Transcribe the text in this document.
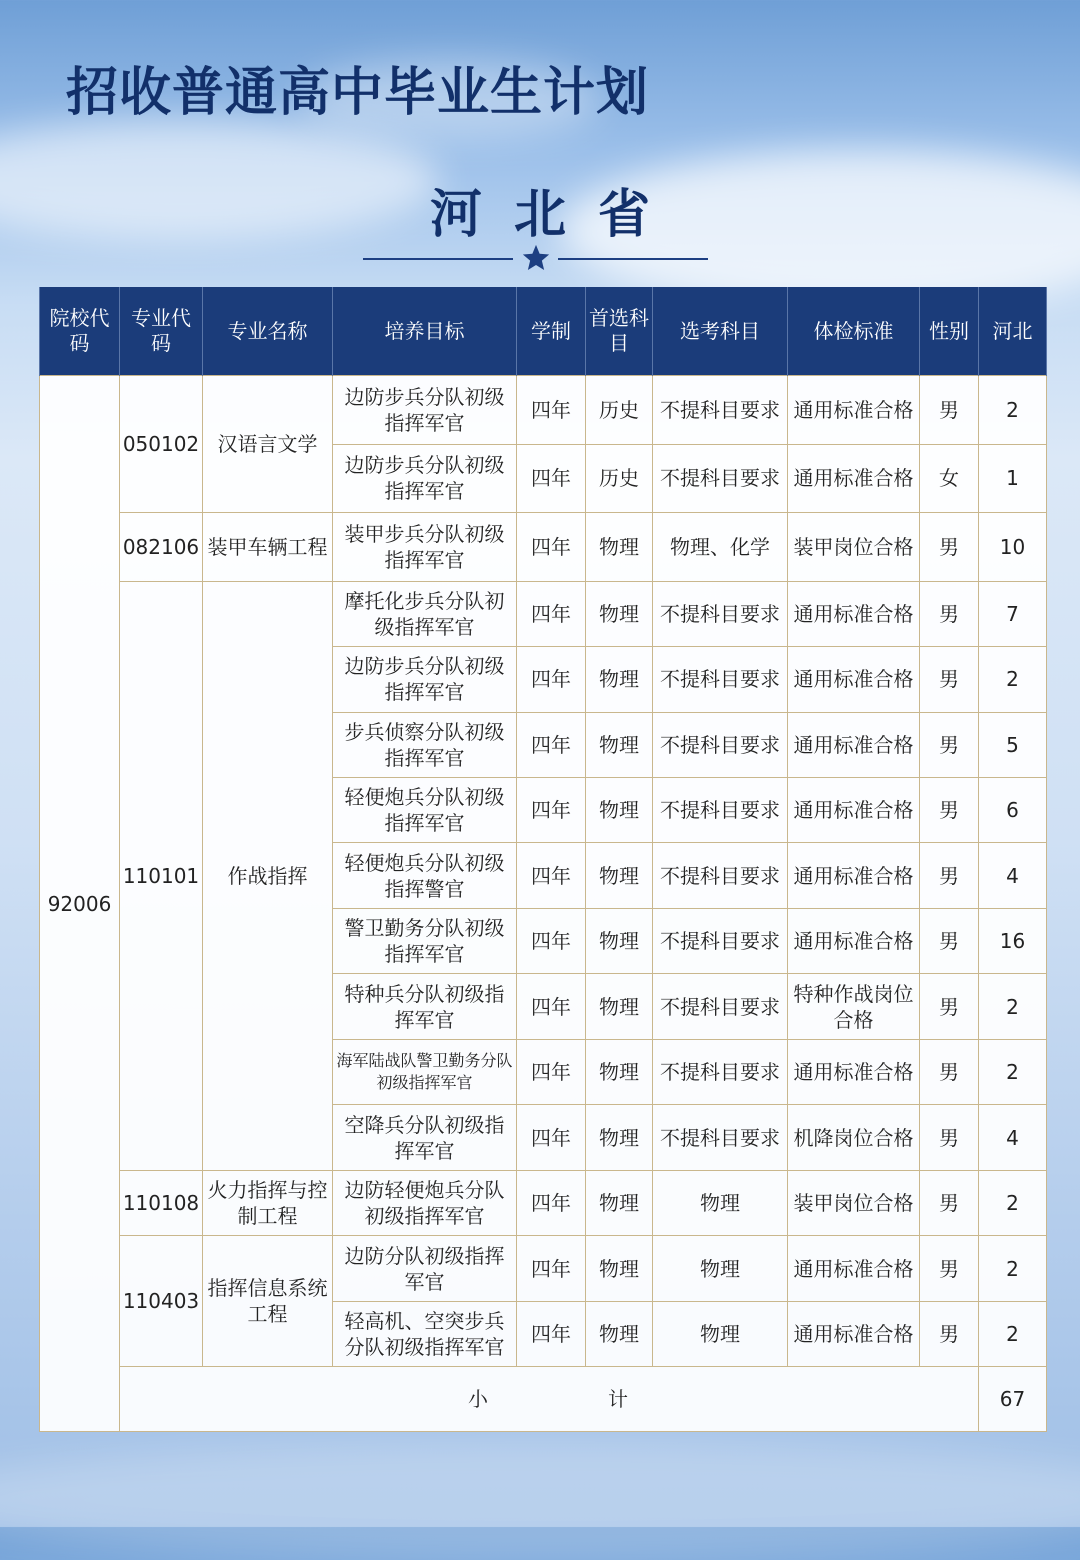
招收普通高中毕业生计划
河北省
院校代码	专业代码	专业名称	培养目标	学制	首选科目	选考科目	体检标准	性别	河北
92006	050102	汉语言文学	边防步兵分队初级指挥军官	四年	历史	不提科目要求	通用标准合格	男	2
			边防步兵分队初级指挥军官	四年	历史	不提科目要求	通用标准合格	女	1
	082106	装甲车辆工程	装甲步兵分队初级指挥军官	四年	物理	物理、化学	装甲岗位合格	男	10
	110101	作战指挥	摩托化步兵分队初级指挥军官	四年	物理	不提科目要求	通用标准合格	男	7
			边防步兵分队初级指挥军官	四年	物理	不提科目要求	通用标准合格	男	2
			步兵侦察分队初级指挥军官	四年	物理	不提科目要求	通用标准合格	男	5
			轻便炮兵分队初级指挥军官	四年	物理	不提科目要求	通用标准合格	男	6
			轻便炮兵分队初级指挥警官	四年	物理	不提科目要求	通用标准合格	男	4
			警卫勤务分队初级指挥军官	四年	物理	不提科目要求	通用标准合格	男	16
			特种兵分队初级指挥军官	四年	物理	不提科目要求	特种作战岗位合格	男	2
			海军陆战队警卫勤务分队初级指挥军官	四年	物理	不提科目要求	通用标准合格	男	2
			空降兵分队初级指挥军官	四年	物理	不提科目要求	机降岗位合格	男	4
	110108	火力指挥与控制工程	边防轻便炮兵分队初级指挥军官	四年	物理	物理	装甲岗位合格	男	2
	110403	指挥信息系统工程	边防分队初级指挥军官	四年	物理	物理	通用标准合格	男	2
			轻高机、空突步兵分队初级指挥军官	四年	物理	物理	通用标准合格	男	2
	小计								67
